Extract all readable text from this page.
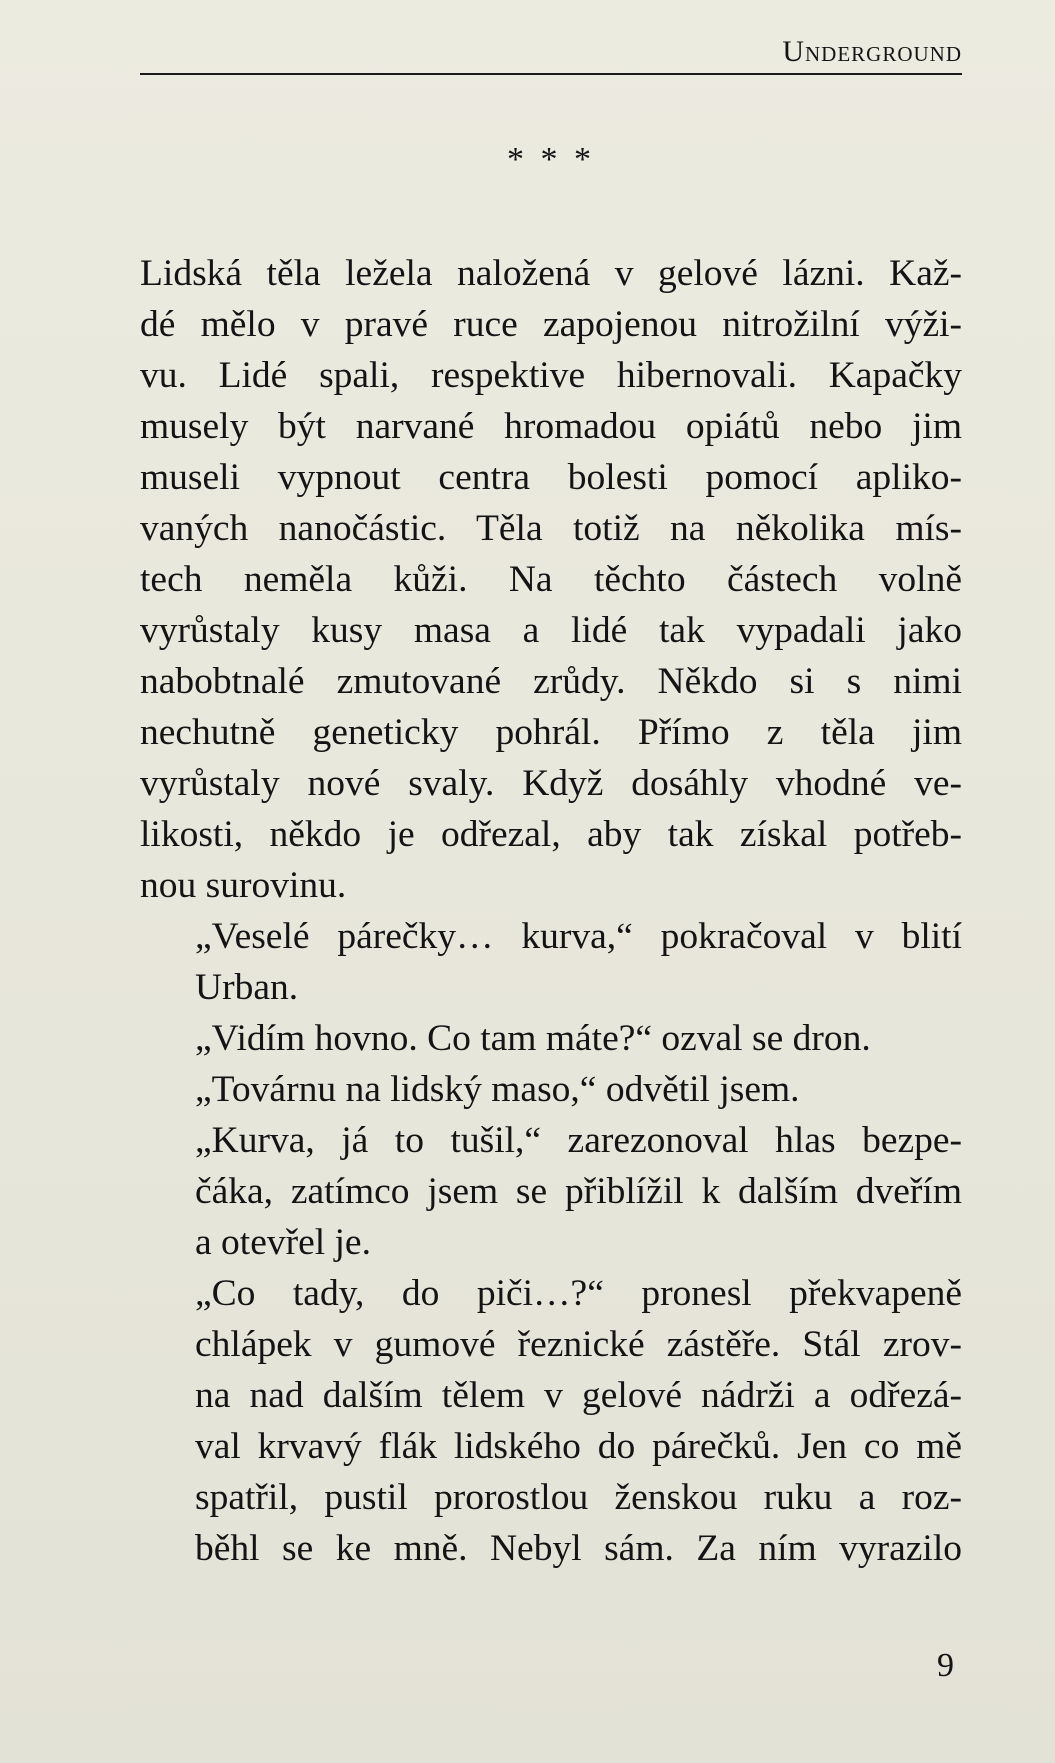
Underground
* * *

Lidská těla ležela naložená v gelové lázni. Kaž-
dé mělo v pravé ruce zapojenou nitrožilní výži-
vu. Lidé spali, respektive hibernovali. Kapačky
musely být narvané hromadou opiátů nebo jim
museli vypnout centra bolesti pomocí apliko-
vaných nanočástic. Těla totiž na několika mís-
tech neměla kůži. Na těchto částech volně
vyrůstaly kusy masa a lidé tak vypadali jako
nabobtnalé zmutované zrůdy. Někdo si s nimi
nechutně geneticky pohrál. Přímo z těla jim
vyrůstaly nové svaly. Když dosáhly vhodné ve-
likosti, někdo je odřezal, aby tak získal potřeb-
nou surovinu.

„Veselé párečky… kurva,“ pokračoval v blití
Urban.

„Vidím hovno. Co tam máte?“ ozval se dron.

„Továrnu na lidský maso,“ odvětil jsem.

„Kurva, já to tušil,“ zarezonoval hlas bezpe-
čáka, zatímco jsem se přiblížil k dalším dveřím
a otevřel je.

„Co tady, do piči…?“ pronesl překvapeně
chlápek v gumové řeznické zástěře. Stál zrov-
na nad dalším tělem v gelové nádrži a odřezá-
val krvavý flák lidského do párečků. Jen co mě
spatřil, pustil prorostlou ženskou ruku a roz-
běhl se ke mně. Nebyl sám. Za ním vyrazilo

9
